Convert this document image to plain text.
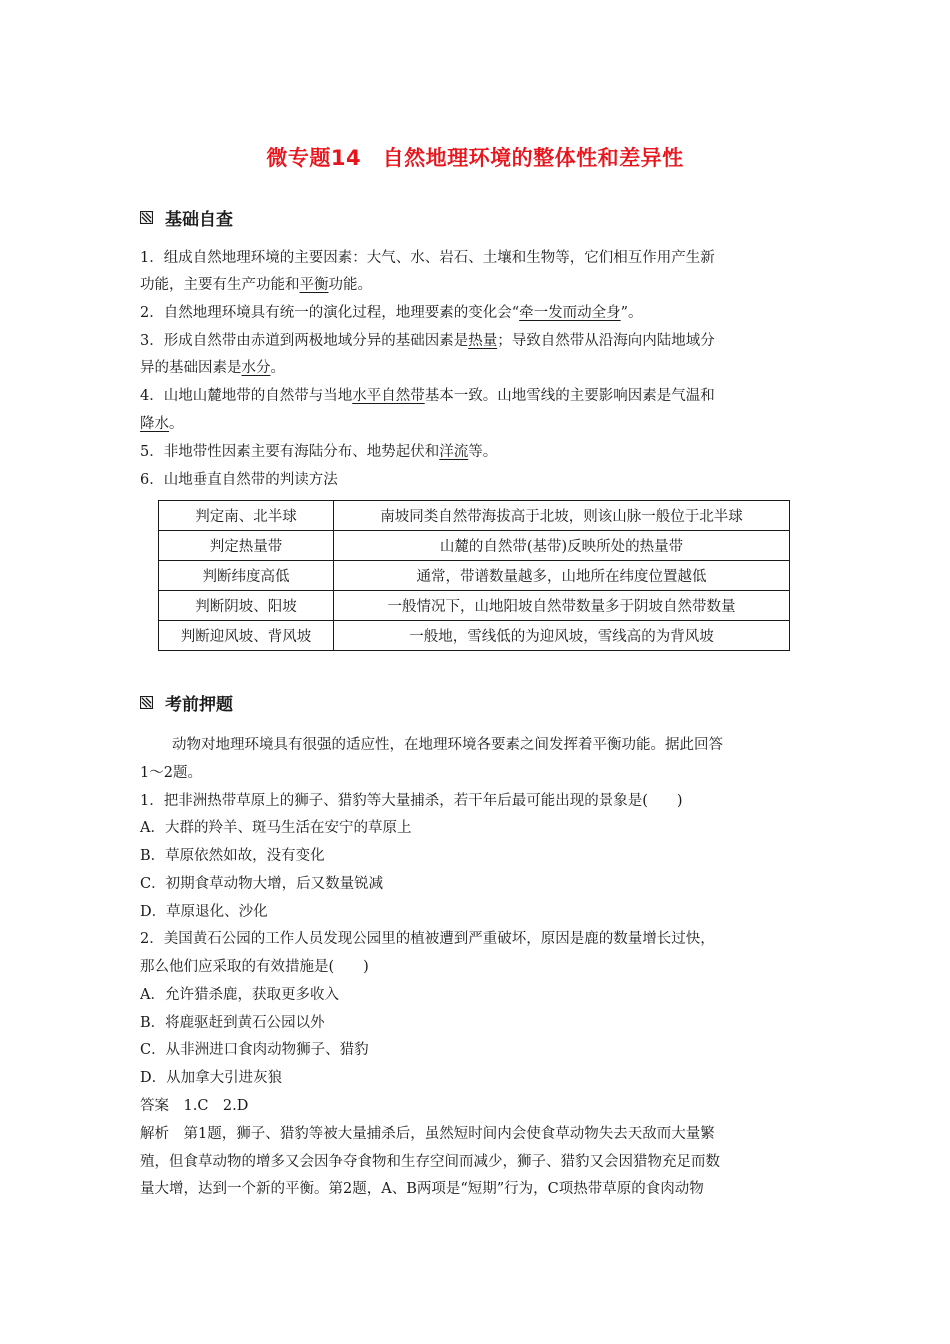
微专题14　自然地理环境的整体性和差异性
基础自查
1．组成自然地理环境的主要因素：大气、水、岩石、土壤和生物等，它们相互作用产生新
功能，主要有生产功能和平衡功能。
2．自然地理环境具有统一的演化过程，地理要素的变化会“牵一发而动全身”。
3．形成自然带由赤道到两极地域分异的基础因素是热量；导致自然带从沿海向内陆地域分
异的基础因素是水分。
4．山地山麓地带的自然带与当地水平自然带基本一致。山地雪线的主要影响因素是气温和
降水。
5．非地带性因素主要有海陆分布、地势起伏和洋流等。
6．山地垂直自然带的判读方法
判定南、北半球	南坡同类自然带海拔高于北坡，则该山脉一般位于北半球
判定热量带	山麓的自然带(基带)反映所处的热量带
判断纬度高低	通常，带谱数量越多，山地所在纬度位置越低
判断阴坡、阳坡	一般情况下，山地阳坡自然带数量多于阴坡自然带数量
判断迎风坡、背风坡	一般地，雪线低的为迎风坡，雪线高的为背风坡
考前押题
动物对地理环境具有很强的适应性，在地理环境各要素之间发挥着平衡功能。据此回答
1～2题。
1．把非洲热带草原上的狮子、猎豹等大量捕杀，若干年后最可能出现的景象是(　　)
A．大群的羚羊、斑马生活在安宁的草原上
B．草原依然如故，没有变化
C．初期食草动物大增，后又数量锐减
D．草原退化、沙化
2．美国黄石公园的工作人员发现公园里的植被遭到严重破坏，原因是鹿的数量增长过快，
那么他们应采取的有效措施是(　　)
A．允许猎杀鹿，获取更多收入
B．将鹿驱赶到黄石公园以外
C．从非洲进口食肉动物狮子、猎豹
D．从加拿大引进灰狼
答案　1.C　2.D
解析　第1题，狮子、猎豹等被大量捕杀后，虽然短时间内会使食草动物失去天敌而大量繁
殖，但食草动物的增多又会因争夺食物和生存空间而减少，狮子、猎豹又会因猎物充足而数
量大增，达到一个新的平衡。第2题，A、B两项是“短期”行为，C项热带草原的食肉动物
